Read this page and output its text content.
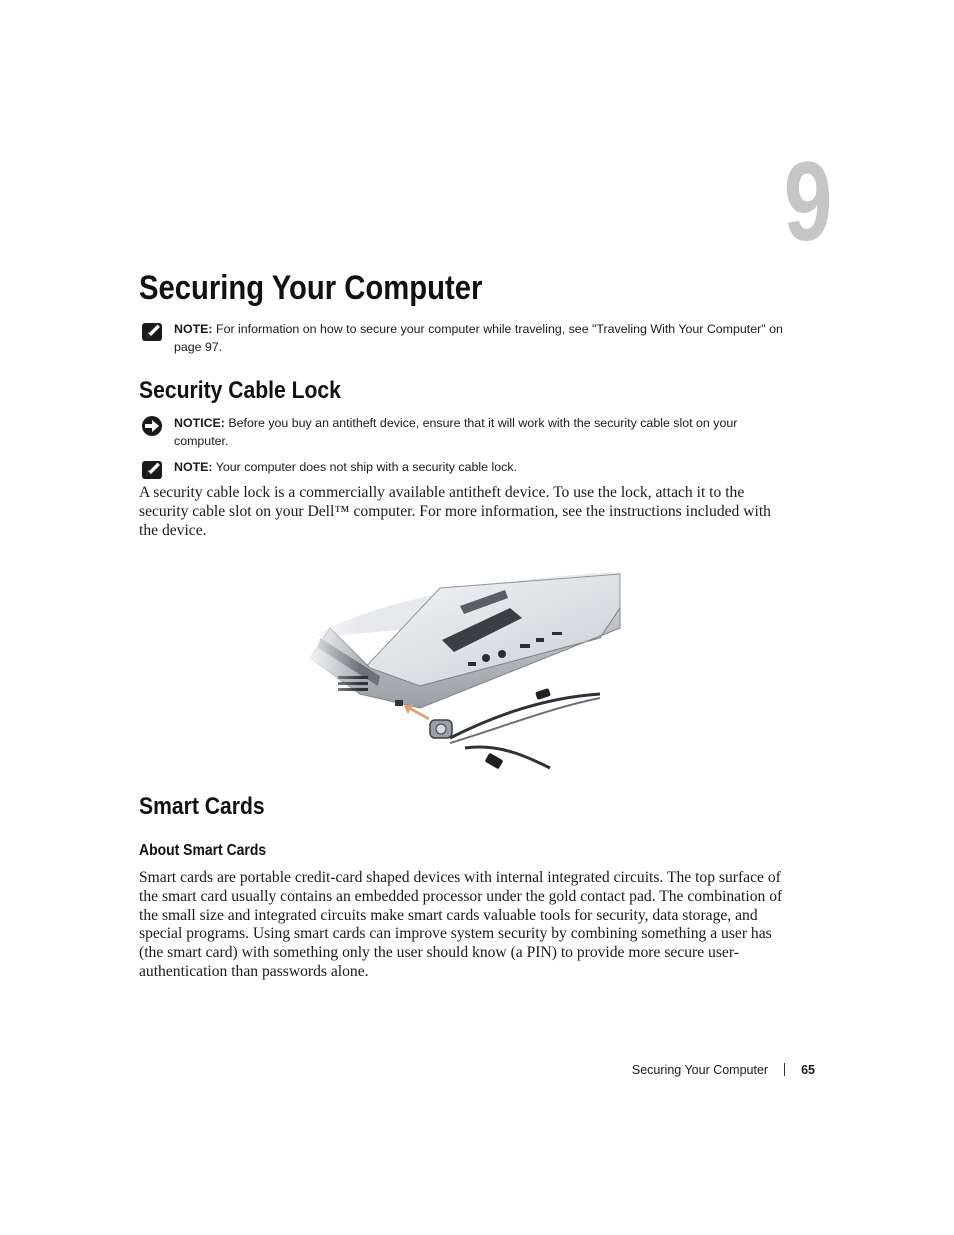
9
Securing Your Computer
NOTE: For information on how to secure your computer while traveling, see "Traveling With Your Computer" on page 97.
Security Cable Lock
NOTICE: Before you buy an antitheft device, ensure that it will work with the security cable slot on your computer.
NOTE: Your computer does not ship with a security cable lock.

A security cable lock is a commercially available antitheft device. To use the lock, attach it to the security cable slot on your Dell™ computer. For more information, see the instructions included with the device.

Smart Cards
About Smart Cards

Smart cards are portable credit-card shaped devices with internal integrated circuits. The top surface of the smart card usually contains an embedded processor under the gold contact pad. The combination of the small size and integrated circuits make smart cards valuable tools for security, data storage, and special programs. Using smart cards can improve system security by combining something a user has (the smart card) with something only the user should know (a PIN) to provide more secure user-authentication than passwords alone.

Securing Your Computer	65
